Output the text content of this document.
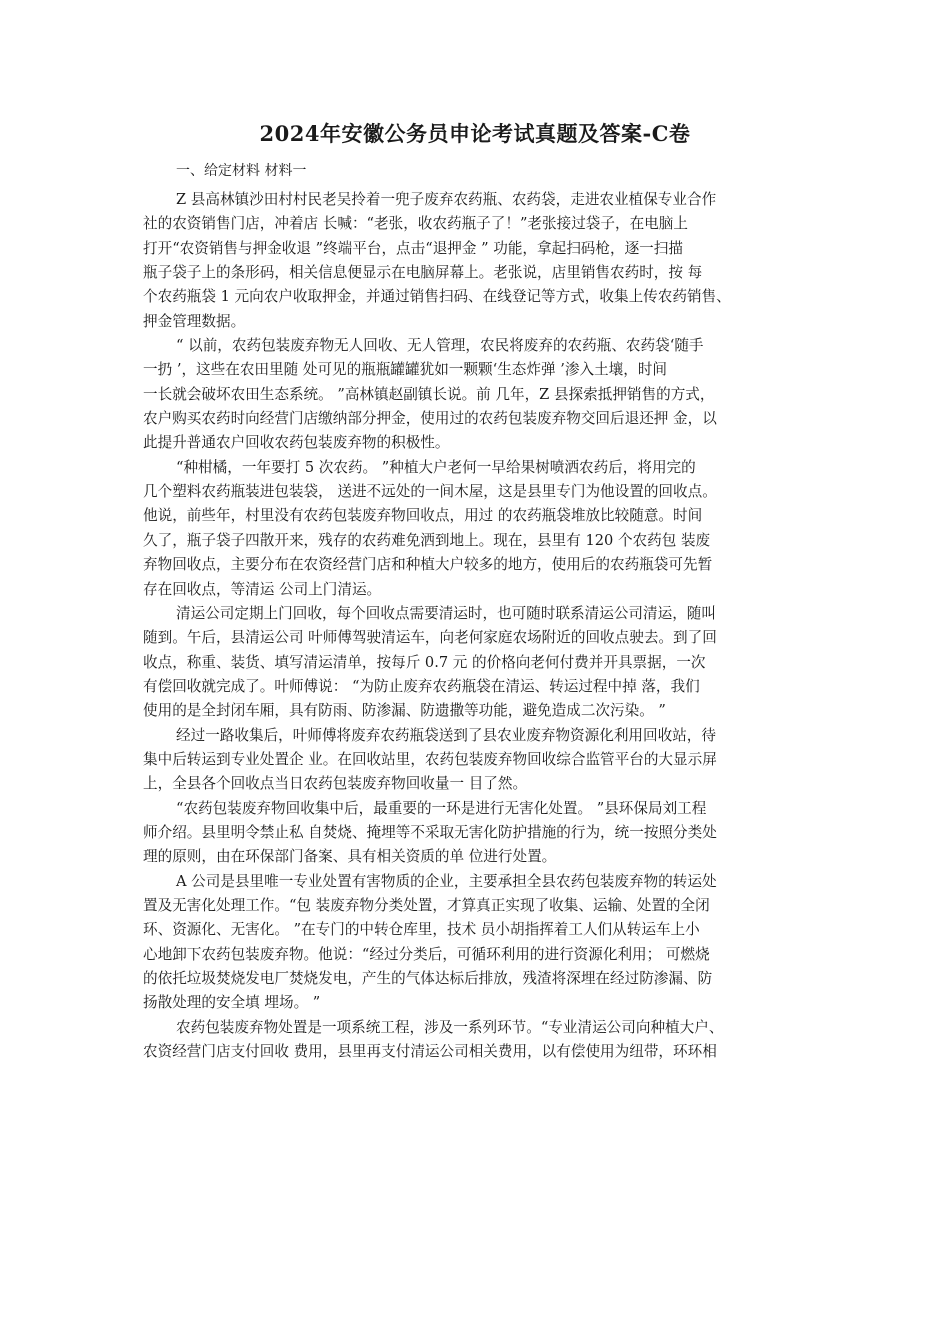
2024年安徽公务员申论考试真题及答案-C卷

一、给定材料 材料一

Z 县高林镇沙田村村民老吴拎着一兜子废弃农药瓶、农药袋，走进农业植保专业合作
社的农资销售门店，冲着店 长喊：“老张，收农药瓶子了！”老张接过袋子，在电脑上
打开“农资销售与押金收退 ”终端平台，点击“退押金 ” 功能，拿起扫码枪，逐一扫描
瓶子袋子上的条形码，相关信息便显示在电脑屏幕上。老张说，店里销售农药时，按 每
个农药瓶袋 1 元向农户收取押金，并通过销售扫码、在线登记等方式，收集上传农药销售、
押金管理数据。
“ 以前，农药包装废弃物无人回收、无人管理，农民将废弃的农药瓶、农药袋‘随手
一扔 ’，这些在农田里随 处可见的瓶瓶罐罐犹如一颗颗‘生态炸弹 ’渗入土壤，时间
一长就会破坏农田生态系统。 ”高林镇赵副镇长说。前 几年，Z 县探索抵押销售的方式，
农户购买农药时向经营门店缴纳部分押金，使用过的农药包装废弃物交回后退还押 金，以
此提升普通农户回收农药包装废弃物的积极性。
“种柑橘，一年要打 5 次农药。 ”种植大户老何一早给果树喷洒农药后，将用完的
几个塑料农药瓶装进包装袋， 送进不远处的一间木屋，这是县里专门为他设置的回收点。
他说，前些年，村里没有农药包装废弃物回收点，用过 的农药瓶袋堆放比较随意。时间
久了，瓶子袋子四散开来，残存的农药难免洒到地上。现在，县里有 120 个农药包 装废
弃物回收点，主要分布在农资经营门店和种植大户较多的地方，使用后的农药瓶袋可先暂
存在回收点，等清运 公司上门清运。
清运公司定期上门回收，每个回收点需要清运时，也可随时联系清运公司清运，随叫
随到。午后，县清运公司 叶师傅驾驶清运车，向老何家庭农场附近的回收点驶去。到了回
收点，称重、装货、填写清运清单，按每斤 0.7 元 的价格向老何付费并开具票据，一次
有偿回收就完成了。叶师傅说： “为防止废弃农药瓶袋在清运、转运过程中掉 落，我们
使用的是全封闭车厢，具有防雨、防渗漏、防遗撒等功能，避免造成二次污染。 ”
经过一路收集后，叶师傅将废弃农药瓶袋送到了县农业废弃物资源化利用回收站，待
集中后转运到专业处置企 业。在回收站里，农药包装废弃物回收综合监管平台的大显示屏
上，全县各个回收点当日农药包装废弃物回收量一 目了然。
“农药包装废弃物回收集中后，最重要的一环是进行无害化处置。 ”县环保局刘工程
师介绍。县里明令禁止私 自焚烧、掩埋等不采取无害化防护措施的行为，统一按照分类处
理的原则，由在环保部门备案、具有相关资质的单 位进行处置。
A 公司是县里唯一专业处置有害物质的企业，主要承担全县农药包装废弃物的转运处
置及无害化处理工作。“包 装废弃物分类处置，才算真正实现了收集、运输、处置的全闭
环、资源化、无害化。 ”在专门的中转仓库里，技术 员小胡指挥着工人们从转运车上小
心地卸下农药包装废弃物。他说：“经过分类后，可循环利用的进行资源化利用； 可燃烧
的依托垃圾焚烧发电厂焚烧发电，产生的气体达标后排放，残渣将深埋在经过防渗漏、防
扬散处理的安全填 埋场。 ”
农药包装废弃物处置是一项系统工程，涉及一系列环节。“专业清运公司向种植大户、
农资经营门店支付回收 费用，县里再支付清运公司相关费用，以有偿使用为纽带，环环相
